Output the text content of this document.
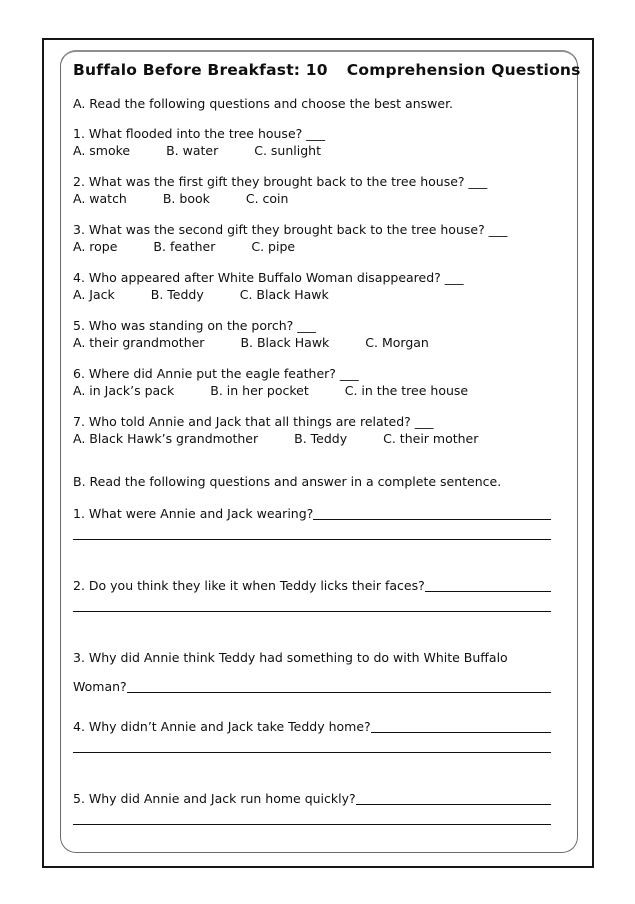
Buffalo Before Breakfast: 10 Comprehension Questions
A. Read the following questions and choose the best answer.
1. What flooded into the tree house? ___
A. smoke	B. water	C. sunlight
2. What was the first gift they brought back to the tree house? ___
A. watch	B. book	C. coin
3. What was the second gift they brought back to the tree house? ___
A. rope	B. feather	C. pipe
4. Who appeared after White Buffalo Woman disappeared? ___
A. Jack	B. Teddy	C. Black Hawk
5. Who was standing on the porch? ___
A. their grandmother	B. Black Hawk	C. Morgan
6. Where did Annie put the eagle feather? ___
A. in Jack’s pack	B. in her pocket	C. in the tree house
7. Who told Annie and Jack that all things are related? ___
A. Black Hawk’s grandmother	B. Teddy	C. their mother
B. Read the following questions and answer in a complete sentence.
1. What were Annie and Jack wearing?
2. Do you think they like it when Teddy licks their faces?
3. Why did Annie think Teddy had something to do with White Buffalo
Woman?
4. Why didn’t Annie and Jack take Teddy home?
5. Why did Annie and Jack run home quickly?
